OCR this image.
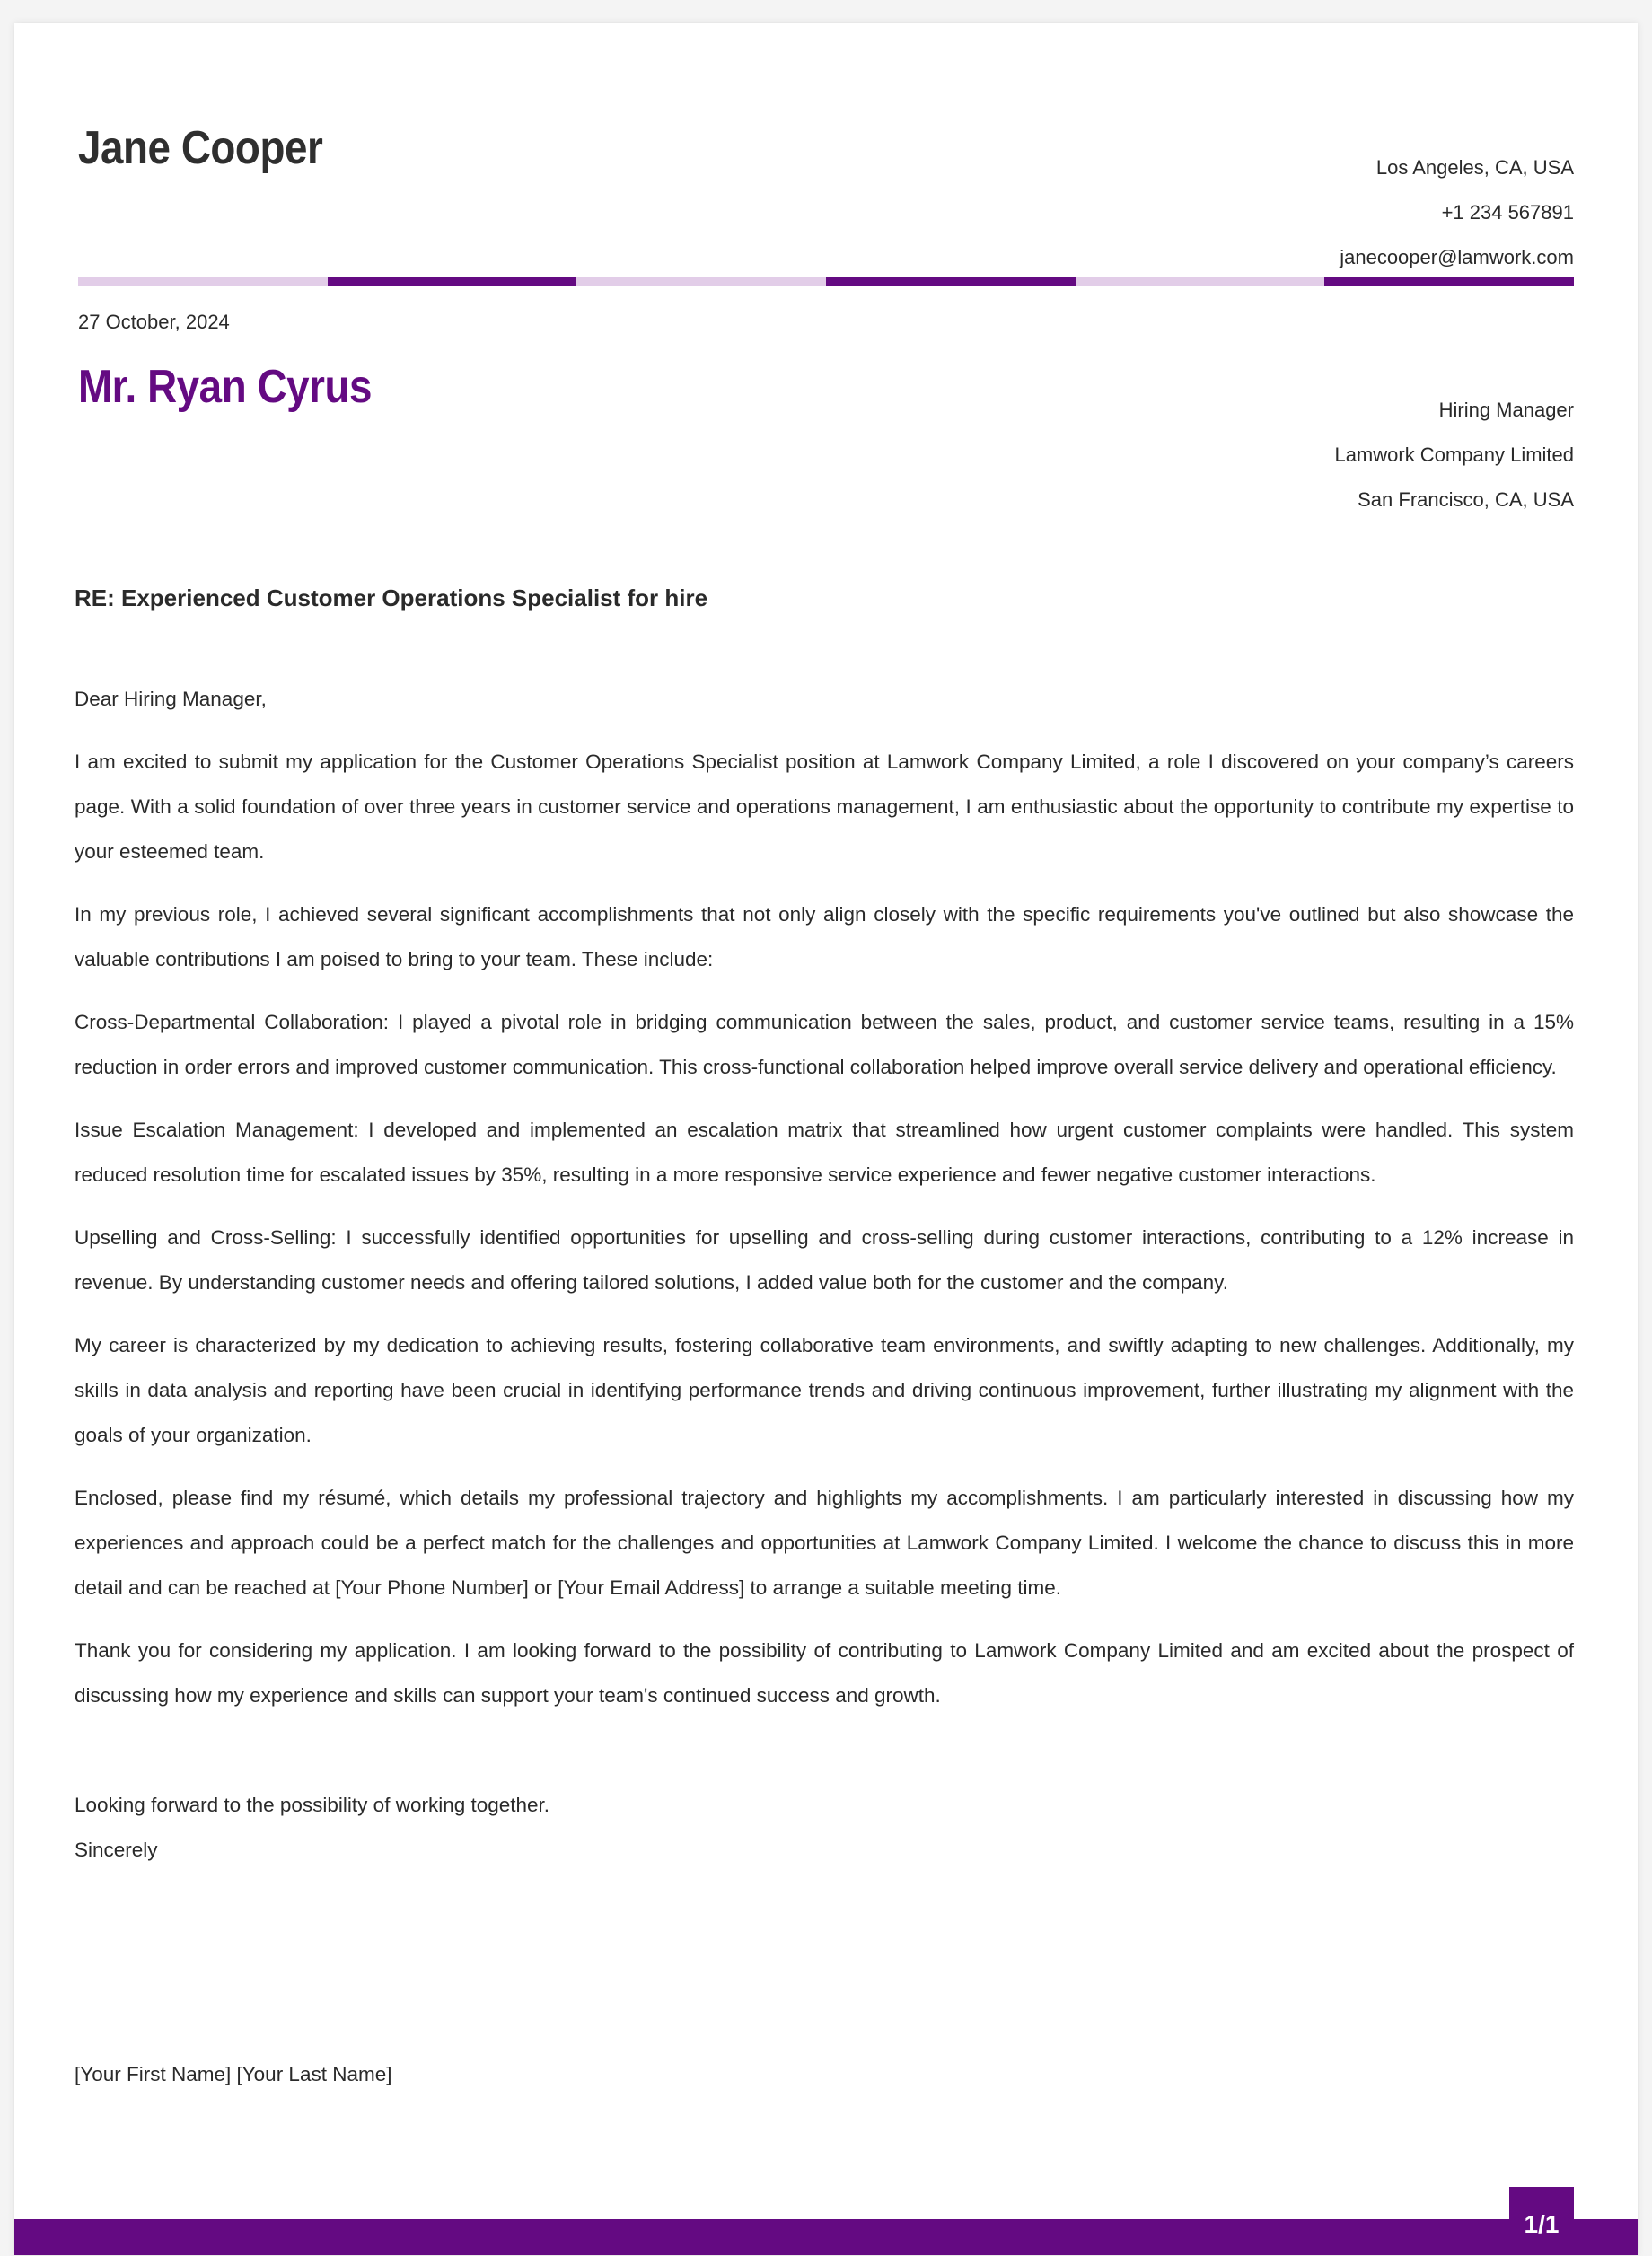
Jane Cooper	Los Angeles, CA, USA
+1 234 567891
janecooper@lamwork.com
27 October, 2024
Mr. Ryan Cyrus	Hiring Manager
Lamwork Company Limited
San Francisco, CA, USA
RE: Experienced Customer Operations Specialist for hire

Dear Hiring Manager,

I am excited to submit my application for the Customer Operations Specialist position at Lamwork Company Limited, a role I discovered on your company’s careers page. With a solid foundation of over three years in customer service and operations management, I am enthusiastic about the opportunity to contribute my expertise to your esteemed team.

In my previous role, I achieved several significant accomplishments that not only align closely with the specific requirements you've outlined but also showcase the valuable contributions I am poised to bring to your team. These include:

Cross-Departmental Collaboration: I played a pivotal role in bridging communication between the sales, product, and customer service teams, resulting in a 15% reduction in order errors and improved customer communication. This cross-functional collaboration helped improve overall service delivery and operational efficiency.

Issue Escalation Management: I developed and implemented an escalation matrix that streamlined how urgent customer complaints were handled. This system reduced resolution time for escalated issues by 35%, resulting in a more responsive service experience and fewer negative customer interactions.

Upselling and Cross-Selling: I successfully identified opportunities for upselling and cross-selling during customer interactions, contributing to a 12% increase in revenue. By understanding customer needs and offering tailored solutions, I added value both for the customer and the company.

My career is characterized by my dedication to achieving results, fostering collaborative team environments, and swiftly adapting to new challenges. Additionally, my skills in data analysis and reporting have been crucial in identifying performance trends and driving continuous improvement, further illustrating my alignment with the goals of your organization.

Enclosed, please find my résumé, which details my professional trajectory and highlights my accomplishments. I am particularly interested in discussing how my experiences and approach could be a perfect match for the challenges and opportunities at Lamwork Company Limited. I welcome the chance to discuss this in more detail and can be reached at [Your Phone Number] or [Your Email Address] to arrange a suitable meeting time.

Thank you for considering my application. I am looking forward to the possibility of contributing to Lamwork Company Limited and am excited about the prospect of discussing how my experience and skills can support your team's continued success and growth.

Looking forward to the possibility of working together.
Sincerely
[Your First Name] [Your Last Name]
1/1
